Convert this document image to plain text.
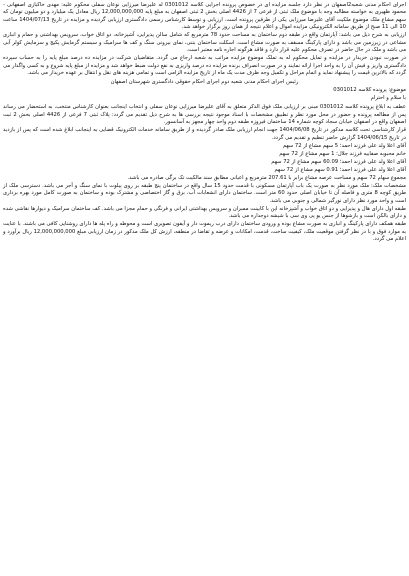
اجرای احکام مدنی شعبه2اصفهان در نظر دارد جلسه مزایده ای در خصوص پرونده اجرایی کلاسه 0301012 له علیرضا میرزایی نوعان سفلی محکوم علیه: مهدی خاکبازی اصفهانی - محمود ظهیری به خواسته مطالبه وجه با موضوع ملک ثبتی از فرعی 7 از 4426 اصلی بخش 2 ثبتی اصفهان به مبلغ پایه 12,000,000,000 ریال معادل یک میلیارد و دو میلیون تومان که سهم مشاع ملک موضوع ملکیت آقای علیرضا میرزایی یکی از طرفین پرونده است. ارزیابی و توسط کارشناس رسمی دادگستری ارزیابی گردیده و مزایده در تاریخ 1404/07/13 ساعت 10 الی 11 صبح از طریق سامانه الکترونیکی مزایده اموال و اعلام نتیجه از همان روز برگزار خواهد شد.

ارزیابی به شرح ذیل می باشد: آپارتمان واقع در طبقه دوم ساختمان به مساحت حدود 78 مترمربع که شامل سالن پذیرایی، آشپزخانه، دو اتاق خواب، سرویس بهداشتی و حمام و انباری مشاعی در زیرزمین می باشد و دارای پارکینگ مسقف به صورت مشاع است. اسکلت ساختمان بتنی، نمای بیرونی سنگ و کف ها سرامیک و سیستم گرمایش پکیج و سرمایش کولر آبی می باشد و ملک در حال حاضر در تصرف محکوم علیه قرار دارد و فاقد هرگونه اجاره نامه معتبر است.

در صورت نبودن خریدار در مزایده و تمایل محکوم له به تملک موضوع مزایده مراتب به شعبه ارجاع می گردد. متقاضیان شرکت در مزایده ده درصد مبلغ پایه را به حساب سپرده دادگستری واریز و فیش آن را به واحد اجرا ارائه نمایند و در صورت انصراف برنده مزایده ده درصد واریزی به نفع دولت ضبط خواهد شد و مزایده از مبلغ پایه شروع و به کسی واگذار می گردد که بالاترین قیمت را پیشنهاد نماید و اتمام مراحل و تکمیل وجه ظرف مدت یک ماه از تاریخ مزایده الزامی است و تمامی هزینه های نقل و انتقال بر عهده خریدار می باشد.

رئیس اجرای احکام مدنی شعبه دوم اجرای احکام حقوقی دادگستری شهرستان اصفهان

موضوع: پرونده کلاسه 0301012

با سلام و احترام

عطف به ابلاغ پرونده کلاسه 0301012 مبنی بر ارزیابی ملک فوق الذکر متعلق به آقای علیرضا میرزایی نوعان سفلی و انتخاب اینجانب بعنوان کارشناس منتخب، به استحضار می رساند پس از مطالعه پرونده و حضور در محل مورد نظر و تطبیق مشخصات با اسناد موجود نتیجه بررسی ها به شرح ذیل تقدیم می گردد: پلاک ثبتی 7 فرعی از 4426 اصلی بخش 2 ثبت اصفهان واقع در اصفهان خیابان سجاد کوچه شماره 14 ساختمان فیروزه طبقه دوم واحد چهار مجهز به آسانسور.

قرار کارشناسی تحت کلاسه مذکور در تاریخ 1404/06/08 جهت انجام ارزیابی ملک صادر گردیده و از طریق سامانه خدمات الکترونیک قضایی به اینجانب ابلاغ شده است که پس از بازدید در تاریخ 1404/06/15 گزارش حاضر تنظیم و تقدیم می گردد.

آقای اعلا ولد علی فرزند احمد؛ 5 سهم مشاع از 72 سهم

خانم محبوبه صفاییه فرزند جلال؛ 1 سهم مشاع از 72 سهم

آقای اعلا ولد علی فرزند احمد؛ 60.09 سهم مشاع از 72 سهم

آقای اعلا ولد علی فرزند احمد؛ 0.91 سهم مشاع از 72 سهم

مجموع سهام 72 سهم و مساحت عرصه مشاع برابر با 207.61 مترمربع و اعیانی مطابق سند مالکیت تک برگی صادره می باشد.

مشخصات ملک: ملک مورد نظر به صورت یک باب آپارتمان مسکونی با قدمت حدود 15 سال واقع در ساختمان پنج طبقه بر روی پیلوت با نمای سنگ و آجر می باشد. دسترسی ملک از طریق کوچه 8 متری و فاصله آن تا خیابان اصلی حدود 60 متر است. ساختمان دارای انشعابات آب، برق و گاز اختصاصی و مشترک بوده و ساختمان به صورت کامل مورد بهره برداری است و واحد مورد نظر دارای نورگیر شمالی و جنوبی می باشد.

طبقه اول دارای هال و پذیرایی و دو اتاق خواب و آشپزخانه اپن با کابینت ممبران و سرویس بهداشتی ایرانی و فرنگی و حمام مجزا می باشد. کف ساختمان سرامیک و دیوارها نقاشی شده و دارای بالکن است و بازشوها از جنس یو پی وی سی با شیشه دوجداره می باشد.

طبقه همکف دارای پارکینگ و انباری به صورت مشاع بوده و ورودی ساختمان دارای درب ریموت دار و آیفون تصویری است و محوطه و راه پله ها دارای روشنایی کافی می باشند. با عنایت به موارد فوق و با در نظر گرفتن موقعیت ملک، کیفیت ساخت، قدمت، امکانات و عرضه و تقاضا در منطقه، ارزش کل ملک مذکور در زمان ارزیابی مبلغ 12,000,000,000 ریال برآورد و اعلام می گردد.
